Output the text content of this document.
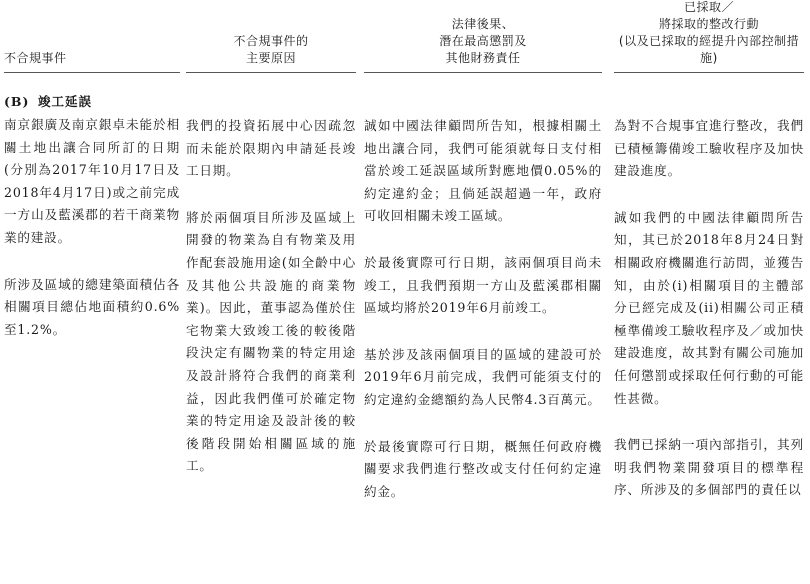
不合規事件
(B) 竣工延誤

南京銀廣及南京銀卓未能於相關土地出讓合同所訂的日期(分別為2017年10月17日及2018年4月17日)或之前完成一方山及藍溪郡的若干商業物業的建設。

所涉及區域的總建築面積佔各相關項目總佔地面積約0.6%至1.2%。

不合規事件的
主要原因

我們的投資拓展中心因疏忽而未能於限期內申請延長竣工日期。

將於兩個項目所涉及區域上開發的物業為自有物業及用作配套設施用途(如全齡中心及其他公共設施的商業物業)。因此，董事認為僅於住宅物業大致竣工後的較後階段決定有關物業的特定用途及設計將符合我們的商業利益，因此我們僅可於確定物業的特定用途及設計後的較後階段開始相關區域的施工。

法律後果、
潛在最高懲罰及
其他財務責任

誠如中國法律顧問所告知，根據相關土地出讓合同，我們可能須就每日支付相當於竣工延誤區域所對應地價0.05%的約定違約金；且倘延誤超過一年，政府可收回相關未竣工區域。

於最後實際可行日期，該兩個項目尚未竣工，且我們預期一方山及藍溪郡相關區域均將於2019年6月前竣工。

基於涉及該兩個項目的區域的建設可於2019年6月前完成，我們可能須支付的約定違約金總額約為人民幣4.3百萬元。

於最後實際可行日期，概無任何政府機關要求我們進行整改或支付任何約定違約金。

已採取／
將採取的整改行動
(以及已採取的經提升內部控制措施)

為對不合規事宜進行整改，我們已積極籌備竣工驗收程序及加快建設進度。

誠如我們的中國法律顧問所告知，其已於2018年8月24日對相關政府機關進行訪問，並獲告知，由於(i)相關項目的主體部分已經完成及(ii)相關公司正積極準備竣工驗收程序及／或加快建設進度，故其對有關公司施加任何懲罰或採取任何行動的可能性甚微。

我們已採納一項內部指引，其列明我們物業開發項目的標準程序、所涉及的多個部門的責任以
